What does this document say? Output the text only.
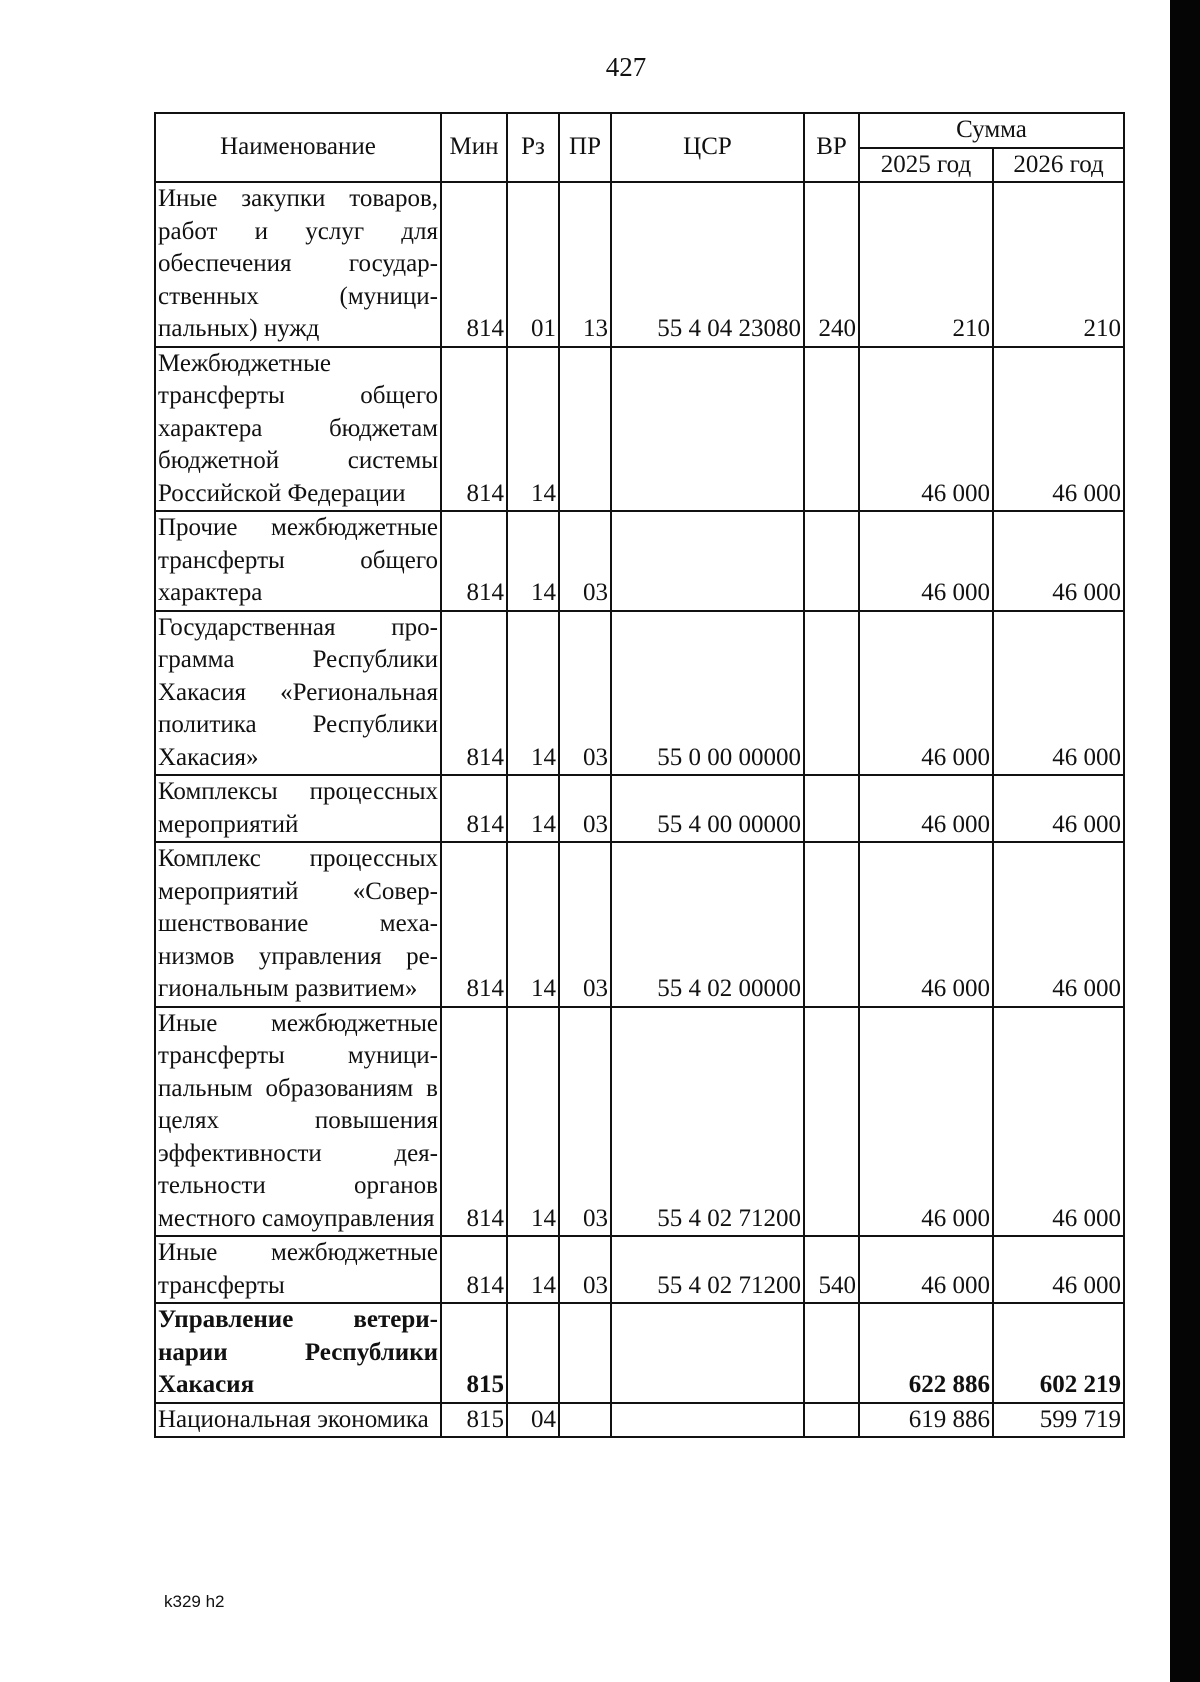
427
Наименование	Мин	Рз	ПР	ЦСР	ВР	Сумма	
						2025 год	2026 год
Иные закупки товаров, работ и услуг для обеспечения государственных (муниципальных) нужд	814	01	13	55 4 04 23080	240	210	210
Межбюджетные трансферты общего характера бюджетам бюджетной системы Российской Федерации	814	14				46 000	46 000
Прочие межбюджетные трансферты общего характера	814	14	03			46 000	46 000
Государственная программа Республики Хакасия «Региональная политика Республики Хакасия»	814	14	03	55 0 00 00000		46 000	46 000
Комплексы процессных мероприятий	814	14	03	55 4 00 00000		46 000	46 000
Комплекс процессных мероприятий «Совершенствование механизмов управления региональным развитием»	814	14	03	55 4 02 00000		46 000	46 000
Иные межбюджетные трансферты муниципальным образованиям в целях повышения эффективности деятельности органов местного самоуправления	814	14	03	55 4 02 71200		46 000	46 000
Иные межбюджетные трансферты	814	14	03	55 4 02 71200	540	46 000	46 000
Управление ветеринарии Республики Хакасия	815					622 886	602 219
Национальная экономика	815	04				619 886	599 719
k329 h2
